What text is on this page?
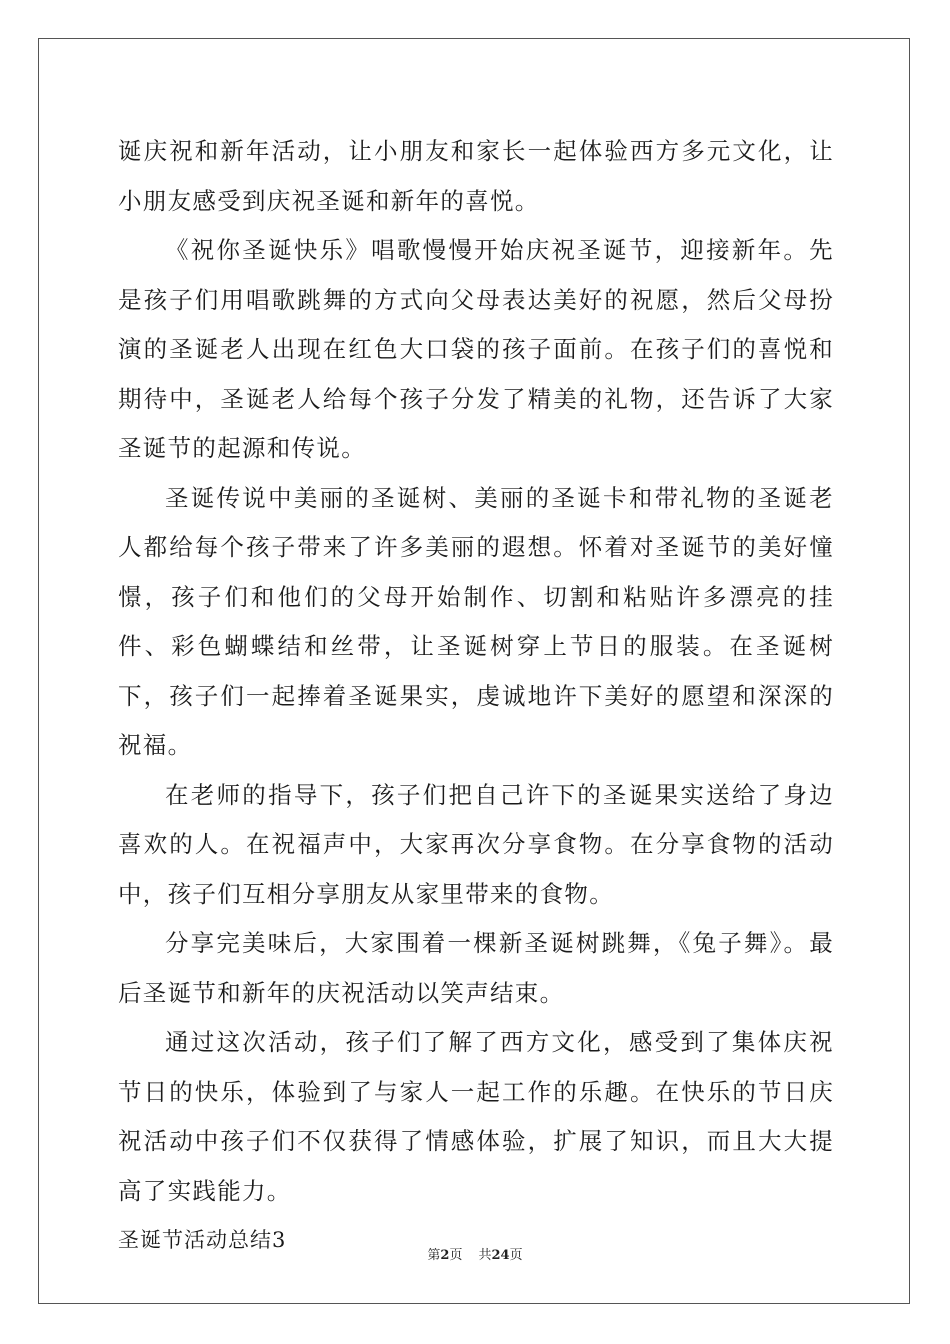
诞庆祝和新年活动，让小朋友和家长一起体验西方多元文化，让小朋友感受到庆祝圣诞和新年的喜悦。

《祝你圣诞快乐》唱歌慢慢开始庆祝圣诞节，迎接新年。先是孩子们用唱歌跳舞的方式向父母表达美好的祝愿，然后父母扮演的圣诞老人出现在红色大口袋的孩子面前。在孩子们的喜悦和期待中，圣诞老人给每个孩子分发了精美的礼物，还告诉了大家圣诞节的起源和传说。

圣诞传说中美丽的圣诞树、美丽的圣诞卡和带礼物的圣诞老人都给每个孩子带来了许多美丽的遐想。怀着对圣诞节的美好憧憬，孩子们和他们的父母开始制作、切割和粘贴许多漂亮的挂件、彩色蝴蝶结和丝带，让圣诞树穿上节日的服装。在圣诞树下，孩子们一起捧着圣诞果实，虔诚地许下美好的愿望和深深的祝福。

在老师的指导下，孩子们把自己许下的圣诞果实送给了身边喜欢的人。在祝福声中，大家再次分享食物。在分享食物的活动中，孩子们互相分享朋友从家里带来的食物。

分享完美味后，大家围着一棵新圣诞树跳舞，《兔子舞》。最后圣诞节和新年的庆祝活动以笑声结束。

通过这次活动，孩子们了解了西方文化，感受到了集体庆祝节日的快乐，体验到了与家人一起工作的乐趣。在快乐的节日庆祝活动中孩子们不仅获得了情感体验，扩展了知识，而且大大提高了实践能力。

圣诞节活动总结3

第2页 共24页
